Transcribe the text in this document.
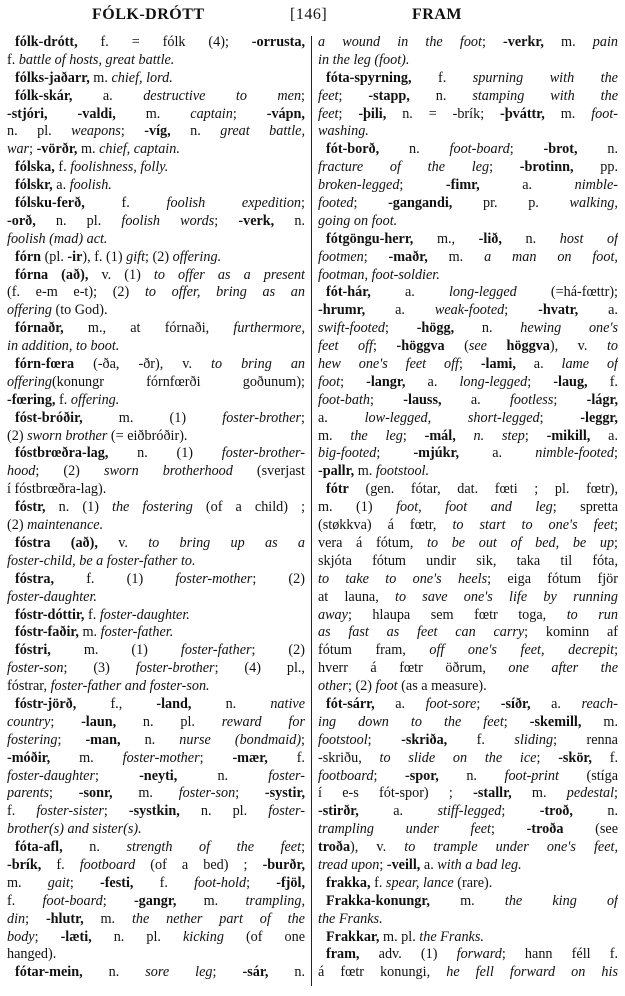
FÓLK-DRÓTT	[146]	FRAM
fólk-drótt, f. = fólk (4); -orrusta,
f. battle of hosts, great battle.
fólks-jaðarr, m. chief, lord.
fólk-skár, a. destructive to men;
-stjóri, -valdi, m. captain; -vápn,
n. pl. weapons; -víg, n. great battle,
war; -vörðr, m. chief, captain.
fólska, f. foolishness, folly.
fólskr, a. foolish.
fólsku-ferð, f. foolish expedition;
-orð, n. pl. foolish words; -verk, n.
foolish (mad) act.
fórn (pl. -ir), f. (1) gift; (2) offering.
fórna (að), v. (1) to offer as a present
(f. e-m e-t); (2) to offer, bring as an
offering (to God).
fórnaðr, m., at fórnaði, furthermore,
in addition, to boot.
fórn-fœra (-ða, -ðr), v. to bring an
offering(konungr fórnfœrði goðunum);
-fœring, f. offering.
fóst-bróðir, m. (1) foster-brother;
(2) sworn brother (= eiðbróðir).
fóstbrœðra-lag, n. (1) foster-brother-
hood; (2) sworn brotherhood (sverjast
í fóstbrœðra-lag).
fóstr, n. (1) the fostering (of a child) ;
(2) maintenance.
fóstra (að), v. to bring up as a
foster-child, be a foster-father to.
fóstra, f. (1) foster-mother; (2)
foster-daughter.
fóstr-dóttir, f. foster-daughter.
fóstr-faðir, m. foster-father.
fóstri, m. (1) foster-father; (2)
foster-son; (3) foster-brother; (4) pl.,
fóstrar, foster-father and foster-son.
fóstr-jörð, f., -land, n. native
country; -laun, n. pl. reward for
fostering; -man, n. nurse (bondmaid);
-móðir, m. foster-mother; -mær, f.
foster-daughter; -neyti, n. foster-
parents; -sonr, m. foster-son; -systir,
f. foster-sister; -systkin, n. pl. foster-
brother(s) and sister(s).
fóta-afl, n. strength of the feet;
-brík, f. footboard (of a bed) ; -burðr,
m. gait; -festi, f. foot-hold; -fjöl,
f. foot-board; -gangr, m. trampling,
din; -hlutr, m. the nether part of the
body; -læti, n. pl. kicking (of one
hanged).
fótar-mein, n. sore leg; -sár, n.
a wound in the foot; -verkr, m. pain
in the leg (foot).
fóta-spyrning, f. spurning with the
feet; -stapp, n. stamping with the
feet; -þili, n. = -brík; -þváttr, m. foot-
washing.
fót-borð, n. foot-board; -brot, n.
fracture of the leg; -brotinn, pp.
broken-legged; -fimr, a. nimble-
footed; -gangandi, pr. p. walking,
going on foot.
fótgöngu-herr, m., -lið, n. host of
footmen; -maðr, m. a man on foot,
footman, foot-soldier.
fót-hár, a. long-legged (=há-fœttr);
-hrumr, a. weak-footed; -hvatr, a.
swift-footed; -högg, n. hewing one's
feet off; -höggva (see höggva), v. to
hew one's feet off; -lami, a. lame of
foot; -langr, a. long-legged; -laug, f.
foot-bath; -lauss, a. footless; -lágr,
a. low-legged, short-legged; -leggr,
m. the leg; -mál, n. step; -mikill, a.
big-footed; -mjúkr, a. nimble-footed;
-pallr, m. footstool.
fótr (gen. fótar, dat. fœti ; pl. fœtr),
m. (1) foot, foot and leg; spretta
(støkkva) á fœtr, to start to one's feet;
vera á fótum, to be out of bed, be up;
skjóta fótum undir sik, taka til fóta,
to take to one's heels; eiga fótum fjör
at launa, to save one's life by running
away; hlaupa sem fœtr toga, to run
as fast as feet can carry; kominn af
fótum fram, off one's feet, decrepit;
hverr á fœtr öðrum, one after the
other; (2) foot (as a measure).
fót-sárr, a. foot-sore; -síðr, a. reach-
ing down to the feet; -skemill, m.
footstool; -skriða, f. sliding; renna
-skriðu, to slide on the ice; -skör, f.
footboard; -spor, n. foot-print (stíga
í e-s fót-spor) ; -stallr, m. pedestal;
-stirðr, a. stiff-legged; -troð, n.
trampling under feet; -troða (see
troða), v. to trample under one's feet,
tread upon; -veill, a. with a bad leg.
frakka, f. spear, lance (rare).
Frakka-konungr, m. the king of
the Franks.
Frakkar, m. pl. the Franks.
fram, adv. (1) forward; hann féll f.
á fœtr konungi, he fell forward on his
